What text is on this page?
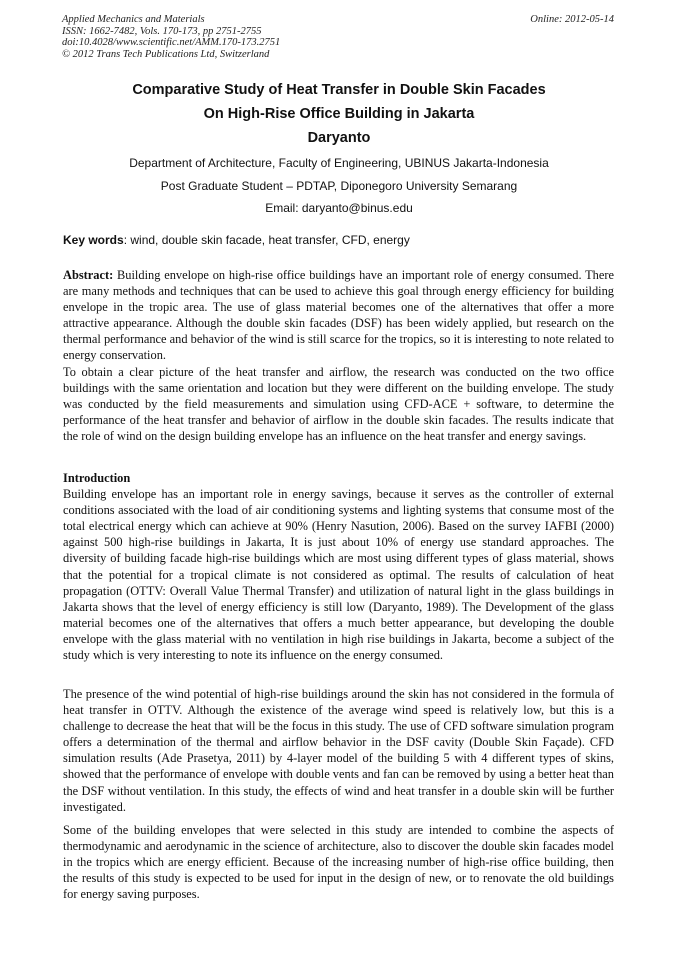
Applied Mechanics and Materials
ISSN: 1662-7482, Vols. 170-173, pp 2751-2755
doi:10.4028/www.scientific.net/AMM.170-173.2751
© 2012 Trans Tech Publications Ltd, Switzerland
Online: 2012-05-14
Comparative Study of Heat Transfer in Double Skin Facades
On High-Rise Office Building in Jakarta
Daryanto
Department of Architecture, Faculty of Engineering, UBINUS Jakarta-Indonesia
Post Graduate Student – PDTAP, Diponegoro University Semarang
Email: daryanto@binus.edu
Key words: wind, double skin facade, heat transfer, CFD, energy

Abstract: Building envelope on high-rise office buildings have an important role of energy consumed. There are many methods and techniques that can be used to achieve this goal through energy efficiency for building envelope in the tropic area. The use of glass material becomes one of the alternatives that offer a more attractive appearance. Although the double skin facades (DSF) has been widely applied, but research on the thermal performance and behavior of the wind is still scarce for the tropics, so it is interesting to note related to energy conservation.

To obtain a clear picture of the heat transfer and airflow, the research was conducted on the two office buildings with the same orientation and location but they were different on the building envelope. The study was conducted by the field measurements and simulation using CFD-ACE + software, to determine the performance of the heat transfer and behavior of airflow in the double skin facades. The results indicate that the role of wind on the design building envelope has an influence on the heat transfer and energy savings.

Introduction

Building envelope has an important role in energy savings, because it serves as the controller of external conditions associated with the load of air conditioning systems and lighting systems that consume most of the total electrical energy which can achieve at 90% (Henry Nasution, 2006). Based on the survey IAFBI (2000) against 500 high-rise buildings in Jakarta, It is just about 10% of energy use standard approaches. The diversity of building facade high-rise buildings which are most using different types of glass material, shows that the potential for a tropical climate is not considered as optimal. The results of calculation of heat propagation (OTTV: Overall Value Thermal Transfer) and utilization of natural light in the glass buildings in Jakarta shows that the level of energy efficiency is still low (Daryanto, 1989). The Development of the glass material becomes one of the alternatives that offers a much better appearance, but developing the double envelope with the glass material with no ventilation in high rise buildings in Jakarta, become a subject of the study which is very interesting to note its influence on the energy consumed.

The presence of the wind potential of high-rise buildings around the skin has not considered in the formula of heat transfer in OTTV. Although the existence of the average wind speed is relatively low, but this is a challenge to decrease the heat that will be the focus in this study. The use of CFD software simulation program offers a determination of the thermal and airflow behavior in the DSF cavity (Double Skin Façade). CFD simulation results (Ade Prasetya, 2011) by 4-layer model of the building 5 with 4 different types of skins, showed that the performance of envelope with double vents and fan can be removed by using a better heat than the DSF without ventilation. In this study, the effects of wind and heat transfer in a double skin will be further investigated.

Some of the building envelopes that were selected in this study are intended to combine the aspects of thermodynamic and aerodynamic in the science of architecture, also to discover the double skin facades model in the tropics which are energy efficient. Because of the increasing number of high-rise office building, then the results of this study is expected to be used for input in the design of new, or to renovate the old buildings for energy saving purposes.
